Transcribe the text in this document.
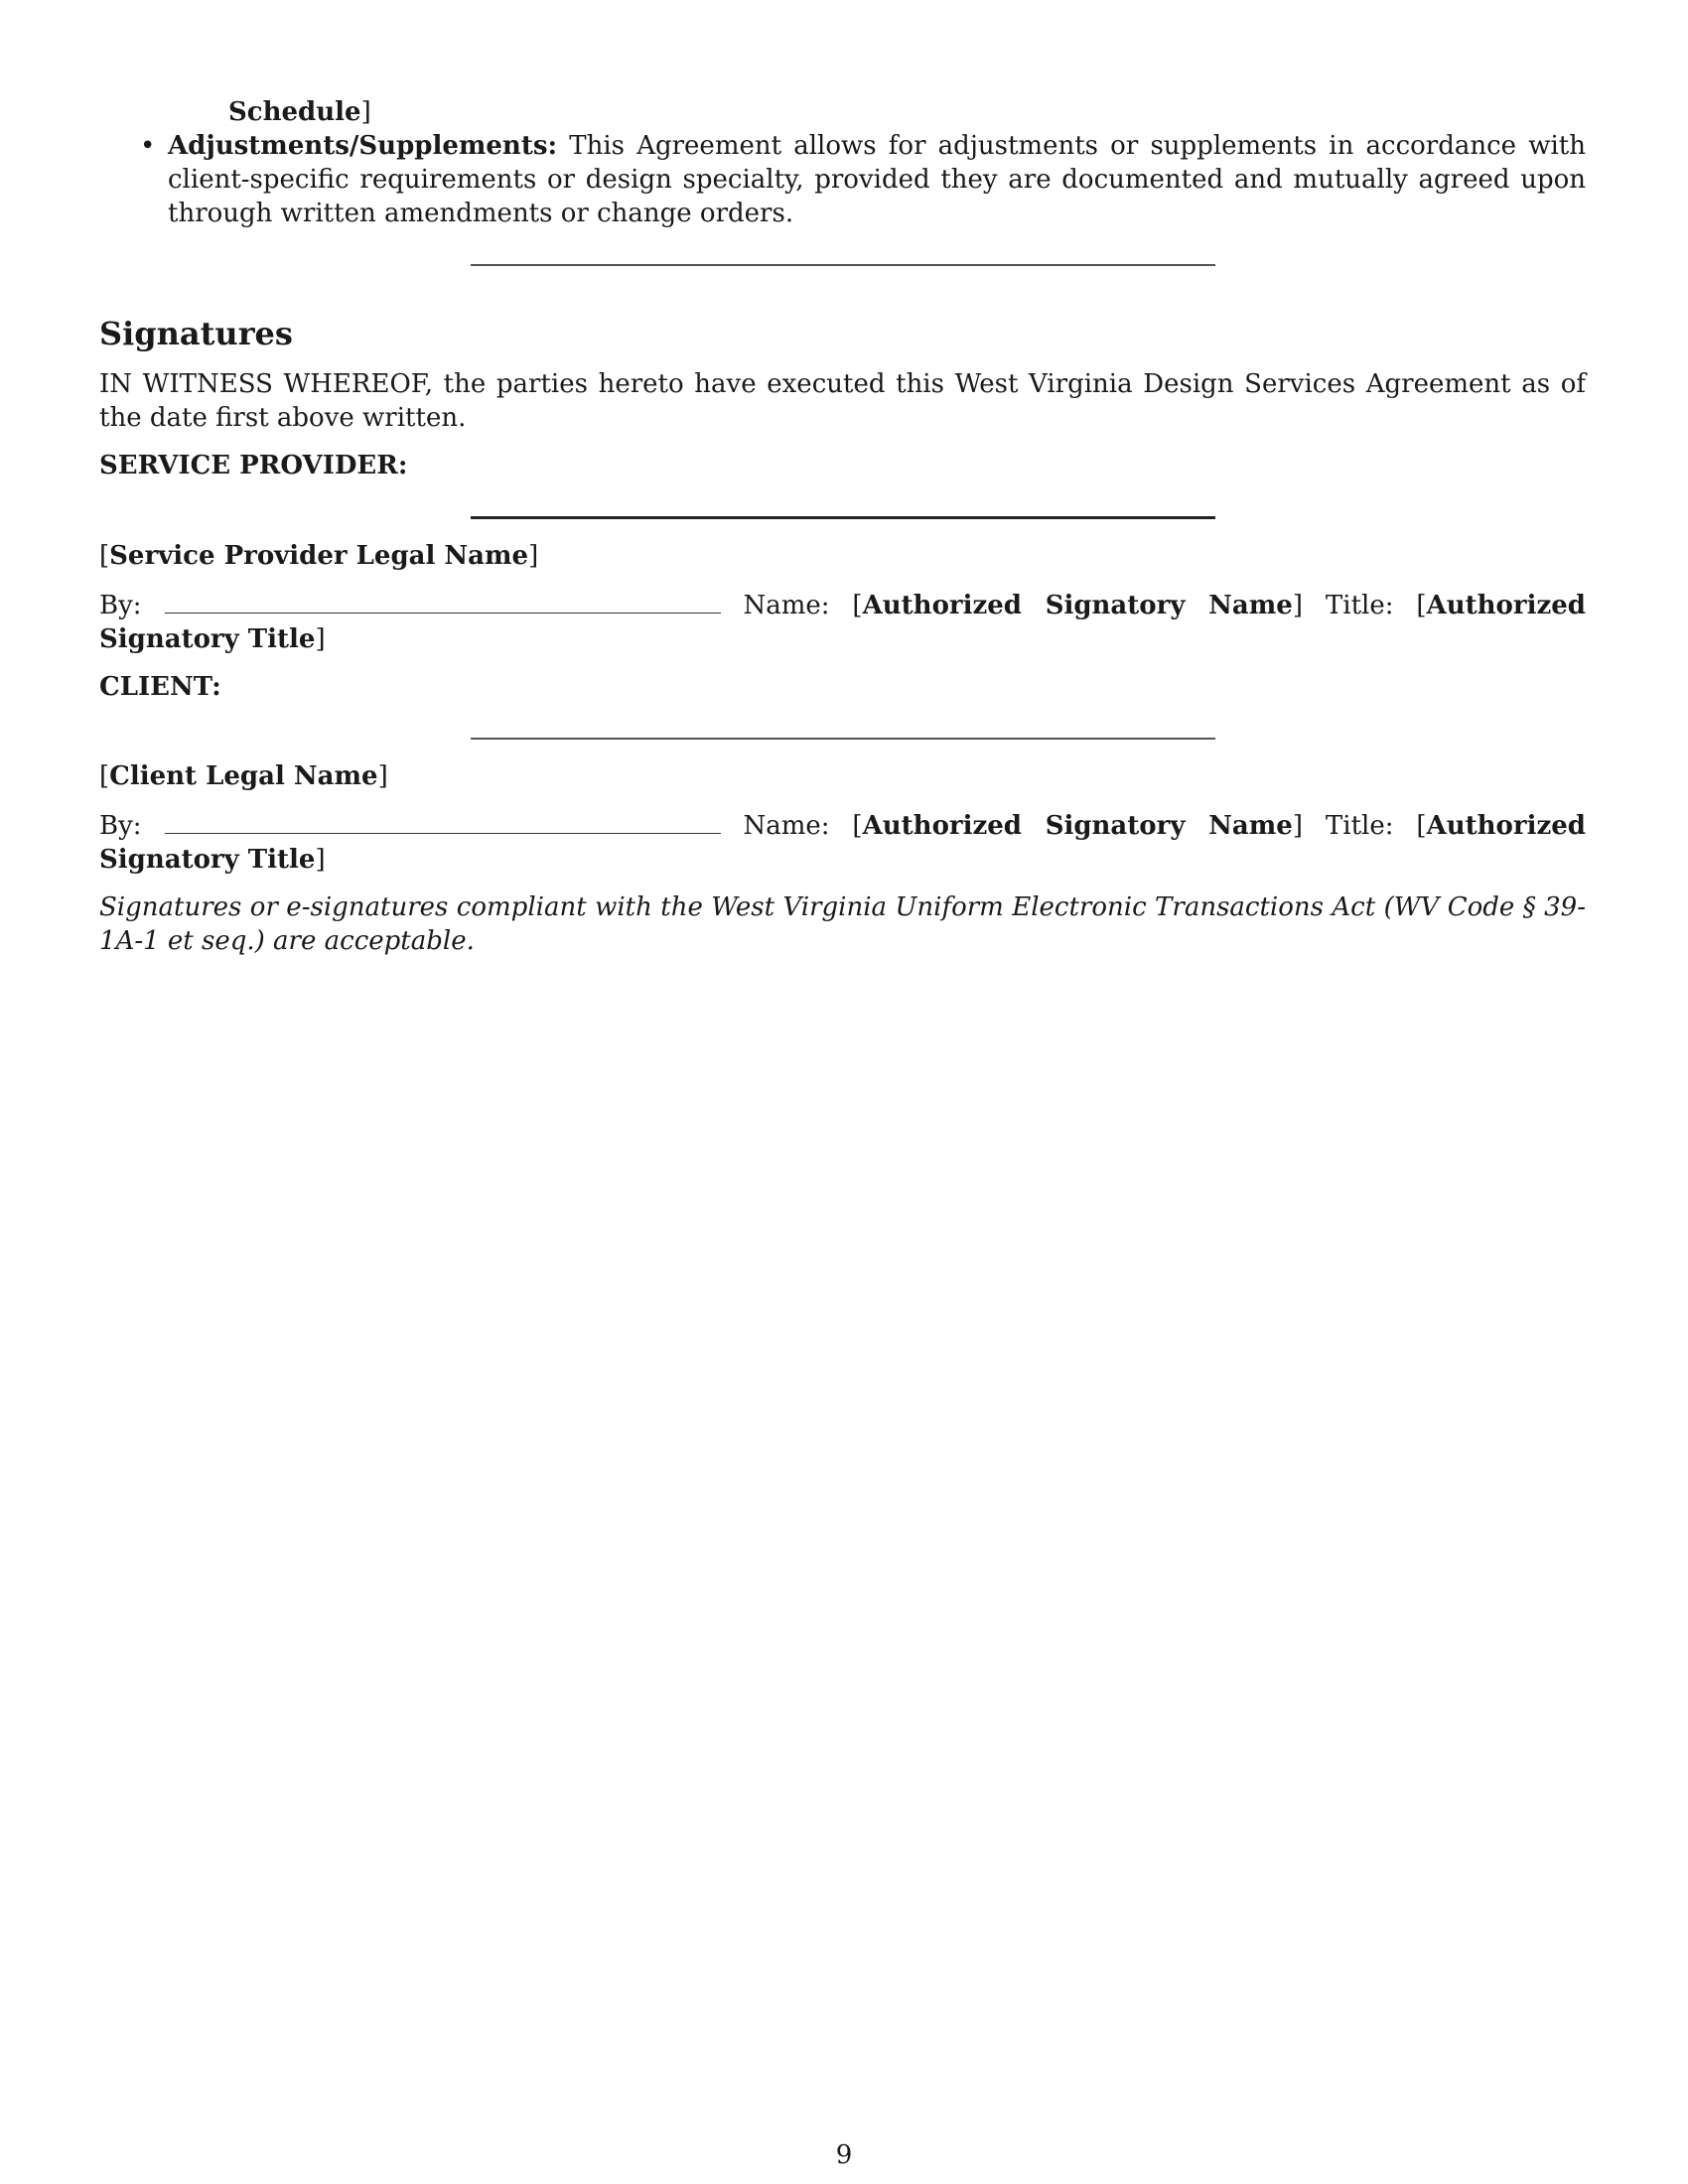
Schedule]

• Adjustments/Supplements: This Agreement allows for adjustments or supplements in accordance with client-specific requirements or design specialty, provided they are documented and mutually agreed upon through written amendments or change orders.
Signatures

IN WITNESS WHEREOF, the parties hereto have executed this West Virginia Design Services Agreement as of the date first above written.

SERVICE PROVIDER:
[Service Provider Legal Name]

By:	Name: [Authorized Signatory Name] Title: [Authorized Signatory Title]

CLIENT:
[Client Legal Name]

By:	Name: [Authorized Signatory Name] Title: [Authorized Signatory Title]

Signatures or e-signatures compliant with the West Virginia Uniform Electronic Transactions Act (WV Code § 39-1A-1 et seq.) are acceptable.

9
